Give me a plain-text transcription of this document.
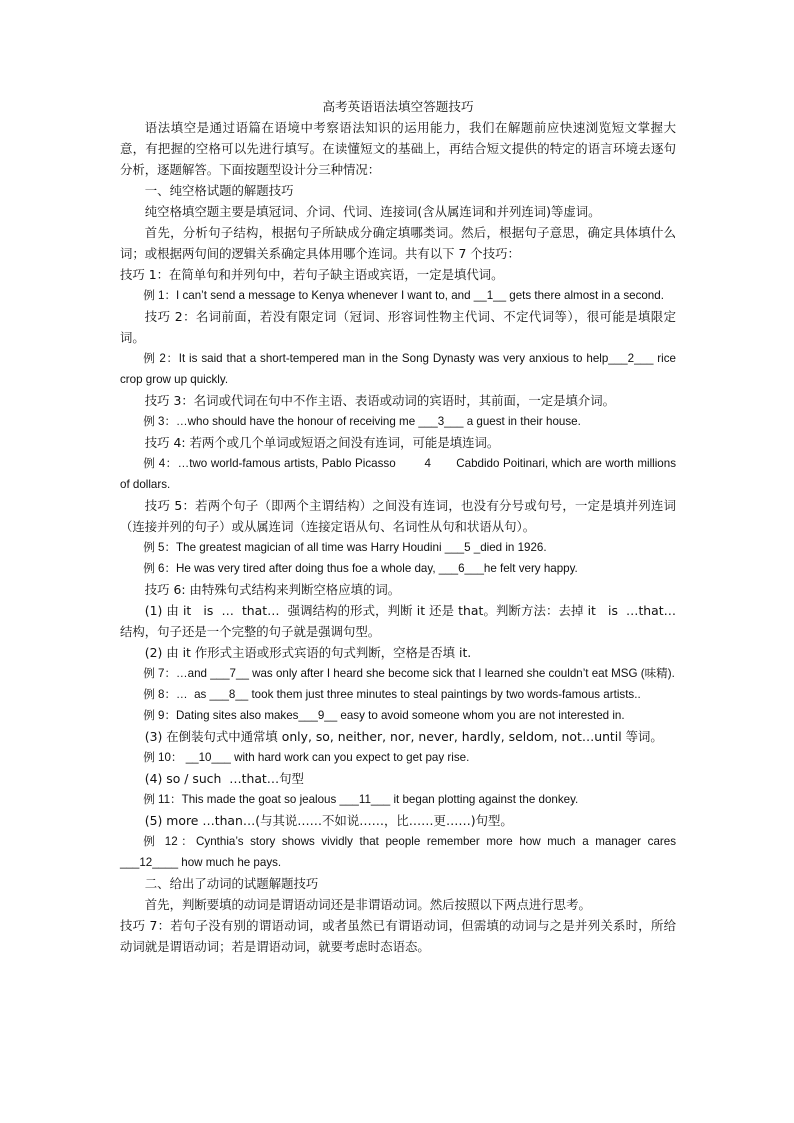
高考英语语法填空答题技巧

语法填空是通过语篇在语境中考察语法知识的运用能力，我们在解题前应快速浏览短文掌握大意，有把握的空格可以先进行填写。在读懂短文的基础上，再结合短文提供的特定的语言环境去逐句分析，逐题解答。下面按题型设计分三种情况：

一、纯空格试题的解题技巧

纯空格填空题主要是填冠词、介词、代词、连接词(含从属连词和并列连词)等虚词。

首先，分析句子结构，根据句子所缺成分确定填哪类词。然后，根据句子意思，确定具体填什么词；或根据两句间的逻辑关系确定具体用哪个连词。共有以下 7 个技巧：

技巧 1：在简单句和并列句中，若句子缺主语或宾语，一定是填代词。

例 1：I can’t send a message to Kenya whenever I want to, and __1__ gets there almost in a second.

技巧 2：名词前面，若没有限定词（冠词、形容词性物主代词、不定代词等），很可能是填限定词。

例 2：It is said that a short-tempered man in the Song Dynasty was very anxious to help___2___ rice crop grow up quickly.

技巧 3：名词或代词在句中不作主语、表语或动词的宾语时，其前面，一定是填介词。

例 3：…who should have the honour of receiving me ___3___ a guest in their house.

技巧 4: 若两个或几个单词或短语之间没有连词，可能是填连词。

例 4：…two world-famous artists, Pablo Picasso        4       Cabdido Poitinari, which are worth millions of dollars.

技巧 5：若两个句子（即两个主谓结构）之间没有连词，也没有分号或句号，一定是填并列连词（连接并列的句子）或从属连词（连接定语从句、名词性从句和状语从句）。

例 5：The greatest magician of all time was Harry Houdini ___5 _died in 1926.

例 6：He was very tired after doing thus foe a whole day, ___6___he felt very happy.

技巧 6: 由特殊句式结构来判断空格应填的词。

(1) 由 it   is  …  that…  强调结构的形式，判断 it 还是 that。判断方法：去掉 it   is  …that…结构，句子还是一个完整的句子就是强调句型。

(2) 由 it 作形式主语或形式宾语的句式判断，空格是否填 it.

例 7：…and ___7__ was only after I heard she become sick that I learned she couldn’t eat MSG (味精).

例 8：…  as ___8__ took them just three minutes to steal paintings by two words-famous artists..

例 9：Dating sites also makes___9__ easy to avoid someone whom you are not interested in.

(3) 在倒装句式中通常填 only, so, neither, nor, never, hardly, seldom, not…until 等词。

例 10： __10___ with hard work can you expect to get pay rise.

(4) so / such  …that…句型

例 11：This made the goat so jealous ___11___ it began plotting against the donkey.

(5) more …than…(与其说……不如说……，比……更……)句型。

例 12：Cynthia’s story shows vividly that people remember more how much a manager cares ___12____ how much he pays.

二、给出了动词的试题解题技巧

首先，判断要填的动词是谓语动词还是非谓语动词。然后按照以下两点进行思考。

技巧 7：若句子没有别的谓语动词，或者虽然已有谓语动词，但需填的动词与之是并列关系时，所给动词就是谓语动词；若是谓语动词，就要考虑时态语态。
